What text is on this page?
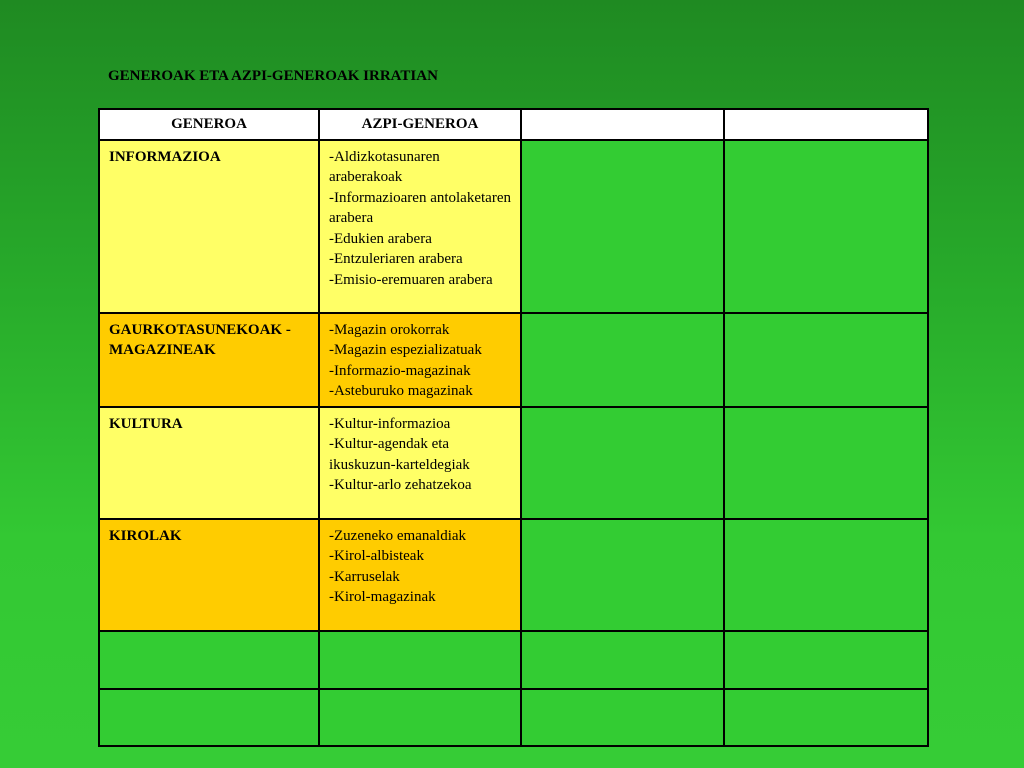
GENEROAK ETA AZPI-GENEROAK IRRATIAN
GENEROA	AZPI-GENEROA		
INFORMAZIOA	-Aldizkotasunaren araberakoak
-Informazioaren antolaketaren arabera
-Edukien arabera
-Entzuleriaren arabera
-Emisio-eremuaren arabera		

GAURKOTASUNEKOAK -MAGAZINEAK	-Magazin orokorrak
-Magazin espezializatuak
-Informazio-magazinak
-Asteburuko magazinak		

KULTURA	-Kultur-informazioa
-Kultur-agendak eta ikuskuzun-karteldegiak
-Kultur-arlo zehatzekoa		

KIROLAK	-Zuzeneko emanaldiak
-Kirol-albisteak
-Karruselak
-Kirol-magazinak		
